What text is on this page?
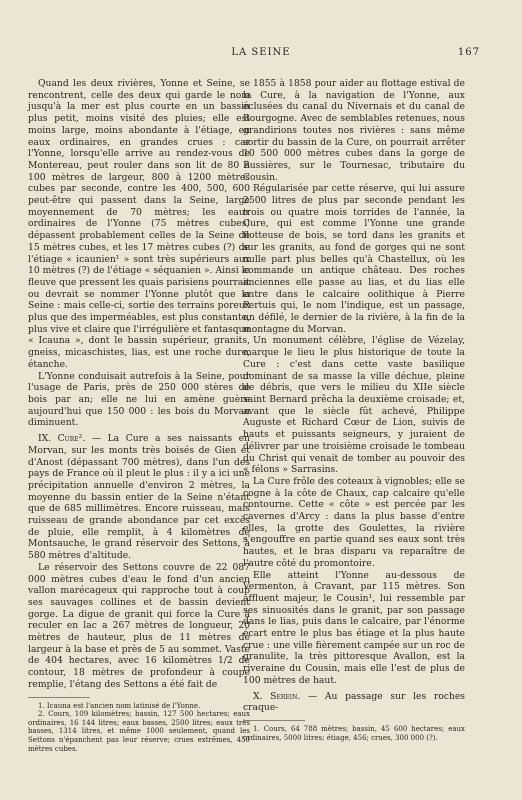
LA SEINE	167

Quand les deux rivières, Yonne et Seine, se rencontrent, celle des deux qui garde le nom jusqu'à la mer est plus courte en un bassin plus petit, moins visité des pluies; elle est moins large, moins abondante à l'étiage, en eaux ordinaires, en grandes crues : car l'Yonne, lorsqu'elle arrive au rendez-vous de Montereau, peut rouler dans son lit de 80 à 100 mètres de largeur, 800 à 1200 mètres cubes par seconde, contre les 400, 500, 600 peut-être qui passent dans la Seine, large moyennement de 70 mètres; les eaux ordinaires de l'Yonne (75 mètres cubes) dépassent probablement celles de la Seine de 15 mètres cubes, et les 17 mètres cubes (?) de l'étiage « icaunien¹ » sont très supérieurs aux 10 mètres (?) de l'étiage « séquanien ». Ainsi le fleuve que pressent les quais parisiens pourrait ou devrait se nommer l'Yonne plutôt que la Seine : mais celle-ci, sortie des terrains poreux plus que des imperméables, est plus constante, plus vive et claire que l'irrégulière et fantasque « Icauna », dont le bassin supérieur, granits, gneiss, micaschistes, lias, est une roche dure, étanche.

L'Yonne conduisait autrefois à la Seine, pour l'usage de Paris, près de 250 000 stères de bois par an; elle ne lui en amène guère aujourd'hui que 150 000 : les bois du Morvan diminuent.

IX. Cure². — La Cure a ses naissants en Morvan, sur les monts très boisés de Gien et d'Anost (dépassant 700 mètres), dans l'un des pays de France où il pleut le plus : il y a ici une précipitation annuelle d'environ 2 mètres, la moyenne du bassin entier de la Seine n'étant que de 685 millimètres. Encore ruisseau, mais ruisseau de grande abondance par cet excès de pluie, elle remplit, à 4 kilomètres de Montsauche, le grand réservoir des Settons, à 580 mètres d'altitude.

Le réservoir des Settons couvre de 22 087 000 mètres cubes d'eau le fond d'un ancien vallon marécageux qui rapproche tout à coup ses sauvages collines et de bassin devient gorge. La digue de granit qui force la Cure à reculer en lac a 267 mètres de longueur, 20 mètres de hauteur, plus de 11 mètres de largeur à la base et près de 5 au sommet. Vaste de 404 hectares, avec 16 kilomètres 1/2 de contour, 18 mètres de profondeur à coupe remplie, l'étang des Settons a été fait de

1. Icauna est l'ancien nom latinisé de l'Yonne.

2. Cours, 109 kilomètres; bassin, 127 500 hectares; eaux ordinaires, 16 144 litres; eaux basses, 2500 litres; eaux très basses, 1314 litres, et même 1000 seulement, quand les Settons n'épanchent pas leur réserve; crues extrêmes, 450 mètres cubes.

1855 à 1858 pour aider au flottage estival de la Cure, à la navigation de l'Yonne, aux éclusées du canal du Nivernais et du canal de Bourgogne. Avec de semblables retenues, nous grandirions toutes nos rivières : sans même sortir du bassin de la Cure, on pourrait arrêter 10 500 000 mètres cubes dans la gorge de Bussières, sur le Tournesac, tributaire du Cousin.

Régularisée par cette réserve, qui lui assure 2500 litres de plus par seconde pendant les trois ou quatre mois torrides de l'année, la Cure, qui est comme l'Yonne une grande flotteuse de bois, se tord dans les granits et sur les granits, au fond de gorges qui ne sont nulle part plus belles qu'à Chastellux, où les commande un antique château. Des roches anciennes elle passe au lias, et du lias elle entre dans le calcaire oolithique à Pierre Pertuis qui, le nom l'indique, est un passage, un défilé, le dernier de la rivière, à la fin de la montagne du Morvan.

Un monument célèbre, l'église de Vézelay, marque le lieu le plus historique de toute la Cure : c'est dans cette vaste basilique dominant de sa masse la ville déchue, pleine de débris, que vers le milieu du XIIe siècle saint Bernard prêcha la deuxième croisade; et, avant que le siècle fût achevé, Philippe Auguste et Richard Cœur de Lion, suivis de hauts et puissants seigneurs, y juraient de délivrer par une troisième croisade le tombeau du Christ qui venait de tomber au pouvoir des « félons » Sarrasins.

La Cure frôle des coteaux à vignobles; elle se cogne à la côte de Chaux, cap calcaire qu'elle contourne. Cette « côte » est percée par les cavernes d'Arcy : dans la plus basse d'entre elles, la grotte des Goulettes, la rivière s'engouffre en partie quand ses eaux sont très hautes, et le bras disparu va reparaître de l'autre côté du promontoire.

Elle atteint l'Yonne au-dessous de Vermenton, à Cravant, par 115 mètres. Son affluent majeur, le Cousin¹, lui ressemble par ses sinuosités dans le granit, par son passage dans le lias, puis dans le calcaire, par l'énorme écart entre le plus bas étiage et la plus haute crue : une ville fièrement campée sur un roc de granulite, la très pittoresque Avallon, est la riveraine du Cousin, mais elle l'est de plus de 100 mètres de haut.

X. Serein. — Au passage sur les roches craque-

1. Cours, 64 788 mètres; bassin, 45 600 hectares; eaux ordinaires, 5000 litres; étiage, 456; crues, 300 000 (?).
